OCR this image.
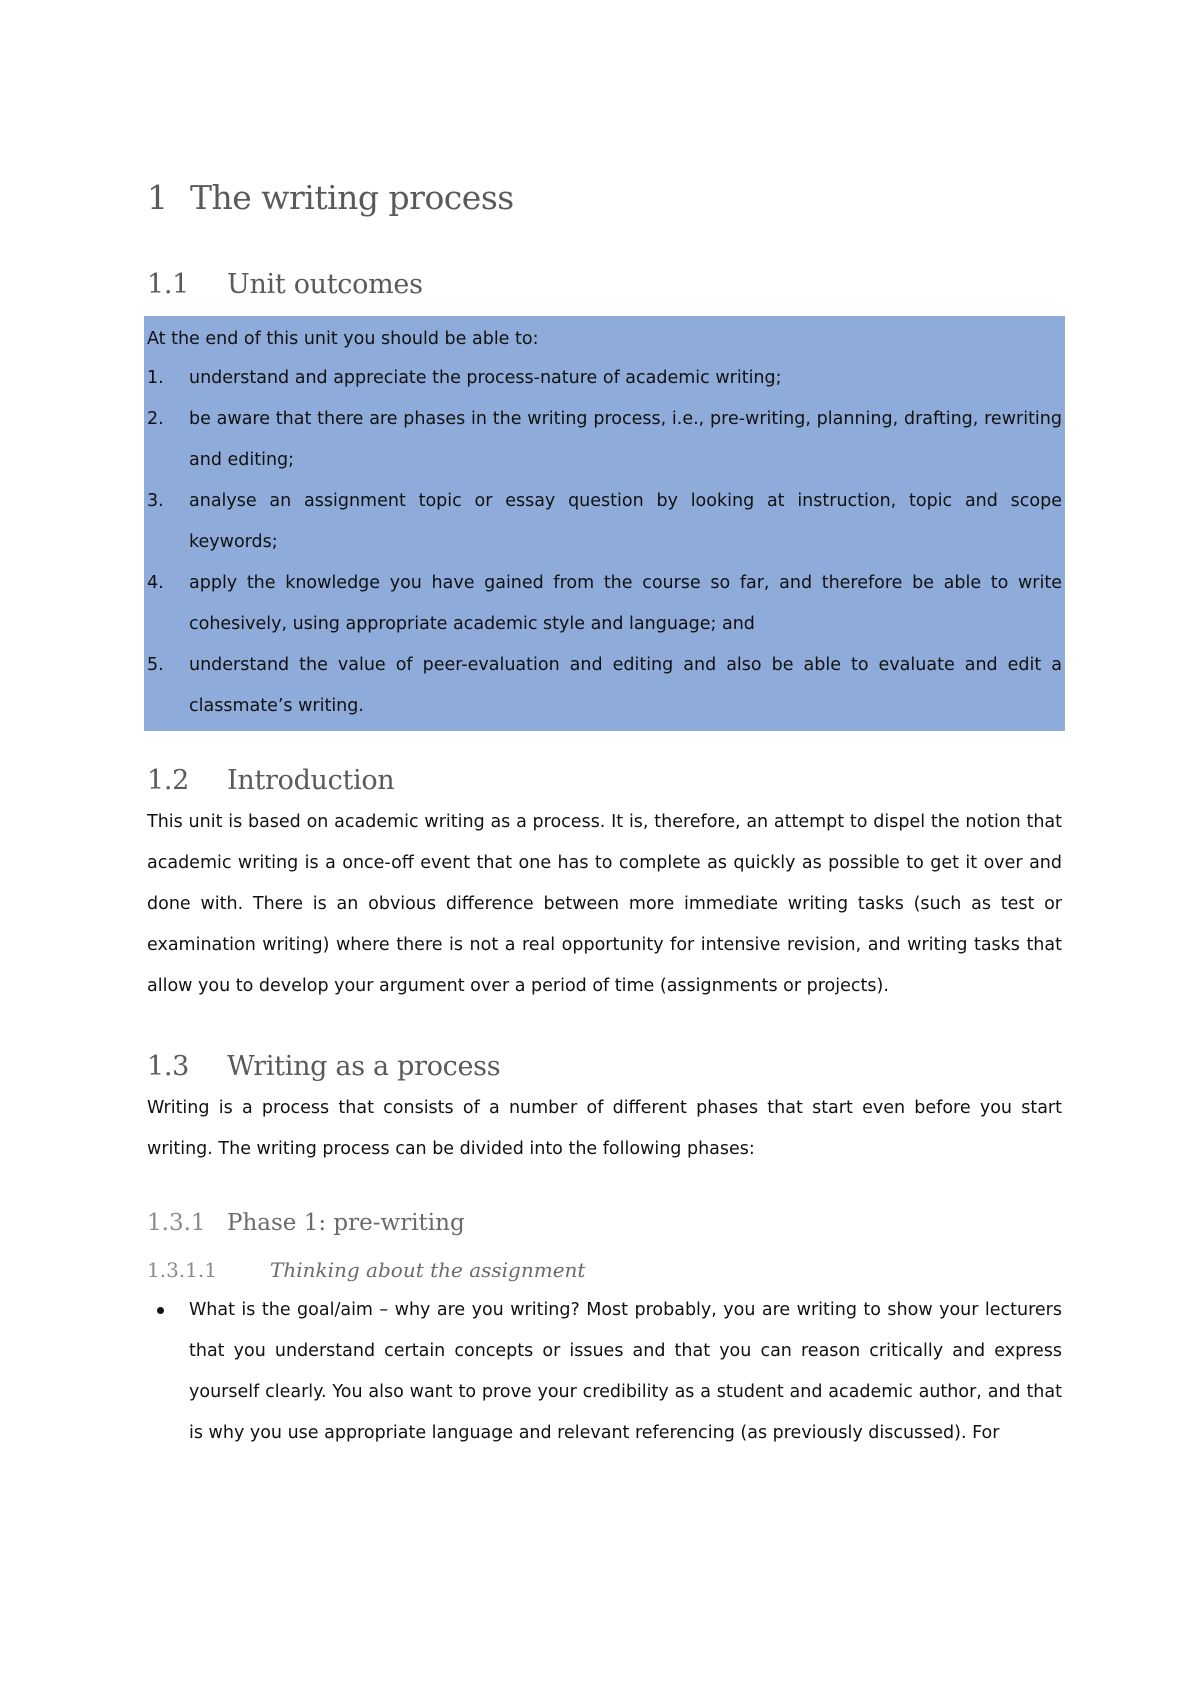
1 The writing process
1.1 Unit outcomes

At the end of this unit you should be able to:

1. understand and appreciate the process-nature of academic writing;
2. be aware that there are phases in the writing process, i.e., pre-writing, planning, drafting, rewriting and editing;
3. analyse an assignment topic or essay question by looking at instruction, topic and scope keywords;
4. apply the knowledge you have gained from the course so far, and therefore be able to write cohesively, using appropriate academic style and language; and
5. understand the value of peer-evaluation and editing and also be able to evaluate and edit a classmate’s writing.
1.2 Introduction

This unit is based on academic writing as a process. It is, therefore, an attempt to dispel the notion that academic writing is a once-off event that one has to complete as quickly as possible to get it over and done with. There is an obvious difference between more immediate writing tasks (such as test or examination writing) where there is not a real opportunity for intensive revision, and writing tasks that allow you to develop your argument over a period of time (assignments or projects).

1.3 Writing as a process

Writing is a process that consists of a number of different phases that start even before you start writing. The writing process can be divided into the following phases:

1.3.1 Phase 1: pre-writing
1.3.1.1	Thinking about the assignment
What is the goal/aim – why are you writing? Most probably, you are writing to show your lecturers that you understand certain concepts or issues and that you can reason critically and express yourself clearly. You also want to prove your credibility as a student and academic author, and that is why you use appropriate language and relevant referencing (as previously discussed). For
